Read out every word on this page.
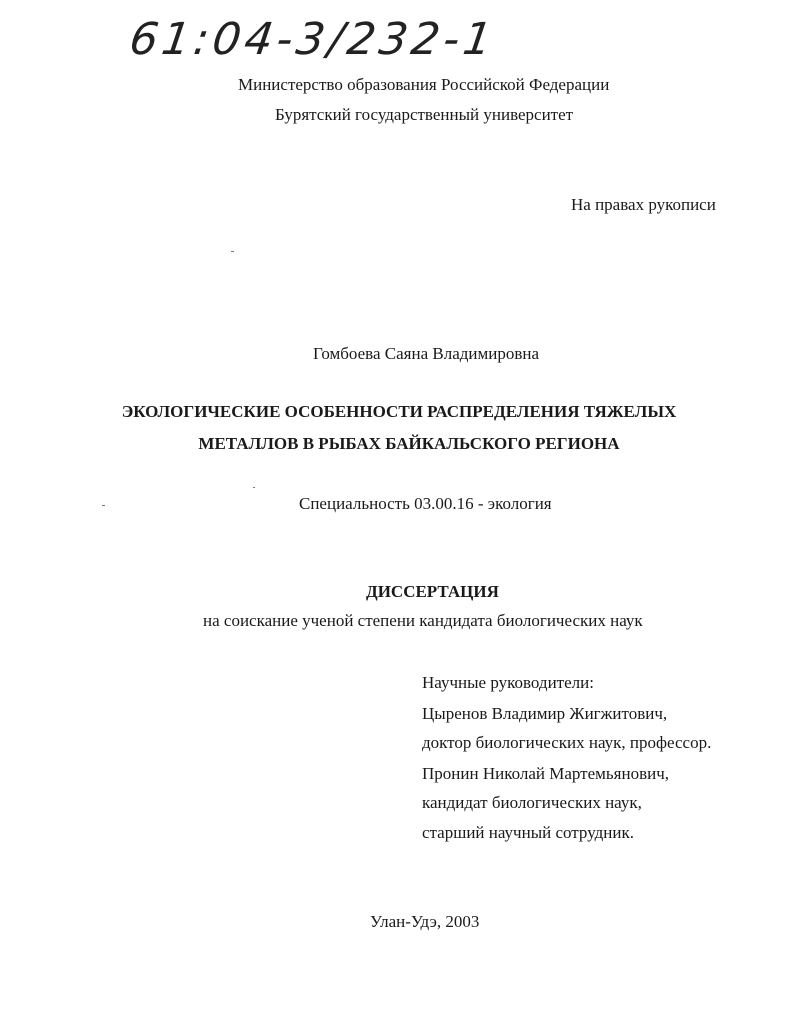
61:04-3/232-1
Министерство образования Российской Федерации
Бурятский государственный университет
На правах рукописи
Гомбоева Саяна Владимировна
ЭКОЛОГИЧЕСКИЕ ОСОБЕННОСТИ РАСПРЕДЕЛЕНИЯ ТЯЖЕЛЫХ
МЕТАЛЛОВ В РЫБАХ БАЙКАЛЬСКОГО РЕГИОНА
Специальность 03.00.16 - экология
ДИССЕРТАЦИЯ
на соискание ученой степени кандидата биологических наук
Научные руководители:
Цыренов Владимир Жигжитович,
доктор биологических наук, профессор.
Пронин Николай Мартемьянович,
кандидат биологических наук,
старший научный сотрудник.
Улан-Удэ, 2003
